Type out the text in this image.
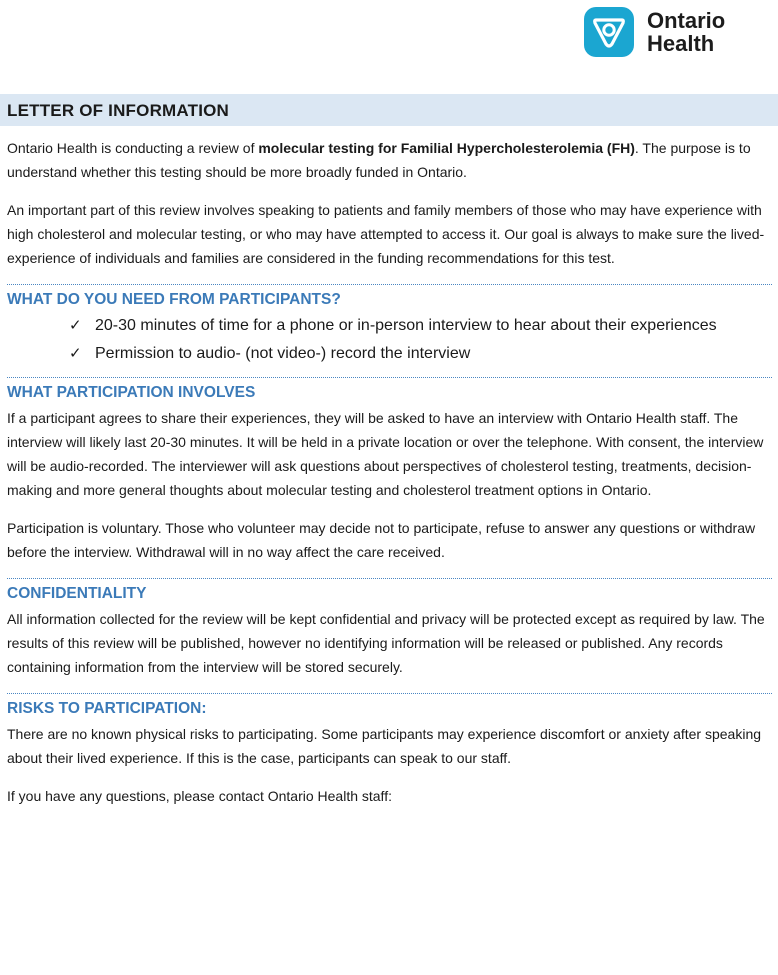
Ontario
Health
LETTER OF INFORMATION

Ontario Health is conducting a review of molecular testing for Familial Hypercholesterolemia (FH). The purpose is to understand whether this testing should be more broadly funded in Ontario.

An important part of this review involves speaking to patients and family members of those who may have experience with high cholesterol and molecular testing, or who may have attempted to access it. Our goal is always to make sure the lived-experience of individuals and families are considered in the funding recommendations for this test.

WHAT DO YOU NEED FROM PARTICIPANTS?
✓ 20-30 minutes of time for a phone or in-person interview to hear about their experiences
✓ Permission to audio- (not video-) record the interview
WHAT PARTICIPATION INVOLVES

If a participant agrees to share their experiences, they will be asked to have an interview with Ontario Health staff. The interview will likely last 20-30 minutes. It will be held in a private location or over the telephone. With consent, the interview will be audio-recorded. The interviewer will ask questions about perspectives of cholesterol testing, treatments, decision-making and more general thoughts about molecular testing and cholesterol treatment options in Ontario.

Participation is voluntary. Those who volunteer may decide not to participate, refuse to answer any questions or withdraw before the interview. Withdrawal will in no way affect the care received.

CONFIDENTIALITY

All information collected for the review will be kept confidential and privacy will be protected except as required by law. The results of this review will be published, however no identifying information will be released or published. Any records containing information from the interview will be stored securely.

RISKS TO PARTICIPATION:

There are no known physical risks to participating. Some participants may experience discomfort or anxiety after speaking about their lived experience. If this is the case, participants can speak to our staff.

If you have any questions, please contact Ontario Health staff:
